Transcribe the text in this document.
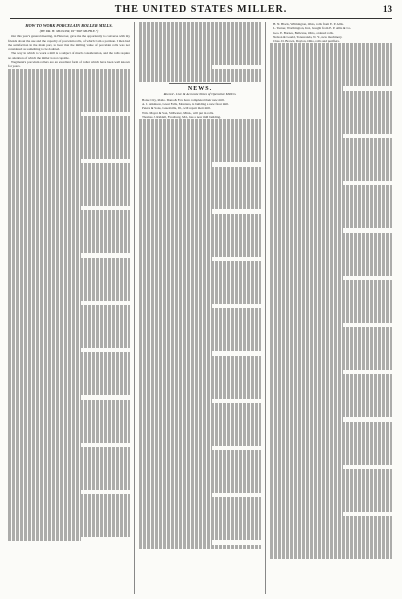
THE UNITED STATES MILLER.	13
HOW TO WORK PORCELAIN ROLLER MILLS.
(BY DR. H. MULLER, IN "DIE MUHLE.")

Our this year's general meeting, in Hanover, gave me the opportunity to converse with my friends about the use and the capacity of porcelain rolls, of which I am a partisan. I then had the satisfaction in the main part, to hear that the milling value of porcelain rolls was not considered as something to be doubted.

The way in which to work a mill is a subject of much consideration, and the rolls require no attention of which the miller is not capable.

Wegmann's porcelain rollers are an excellent form of roller which have been well known for years.

NEWS.
Record - Live & Accurate Notes of Operative Millers.

Boise City, Idaho. Dana & Fox have completed their new mill.

A. J. Atkinson, Great Falls, Montana, is building a new flour mill.

Peters & Sons, Greenville, Ill., will repair their mill.

Wm. Mayer & Son, Stillwater, Minn., will put in rolls.

Thomas J. Riddell, Frostburg, Md., has a new mill building.

H. N. Black, Wilmington, Ohio, rolls from E. P. Allis.

L. Turner, Worthington, Ind., bought from E. P. Allis & Co.

Geo. E. Barnes, Bellevue, Ohio, ordered rolls.

Nelson & Gould, Tonawanda, N. Y., new machinery.

Chas. D. Brown, Dayton, Ohio, rolls and purifiers.
